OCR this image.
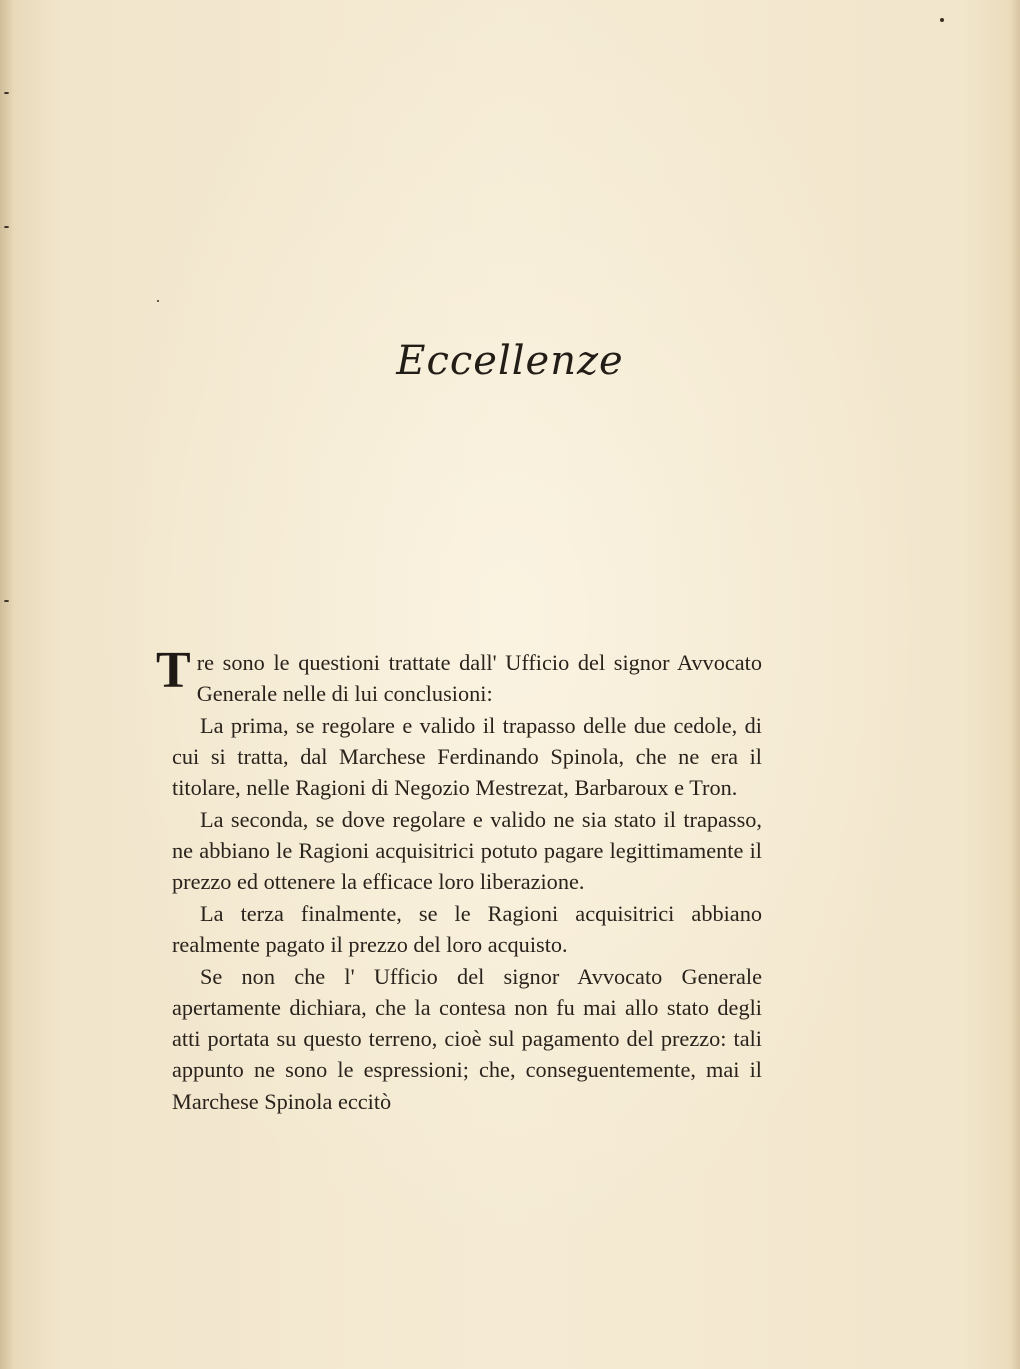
Eccellenze

T re sono le questioni trattate dall' Ufficio del signor Avvocato Generale nelle di lui conclusioni:

La prima, se regolare e valido il trapasso delle due cedole, di cui si tratta, dal Marchese Ferdinando Spinola, che ne era il titolare, nelle Ragioni di Negozio Mestrezat, Barbaroux e Tron.

La seconda, se dove regolare e valido ne sia stato il trapasso, ne abbiano le Ragioni acquisitrici potuto pagare legittimamente il prezzo ed ottenere la efficace loro liberazione.

La terza finalmente, se le Ragioni acquisitrici abbiano realmente pagato il prezzo del loro acquisto.

Se non che l' Ufficio del signor Avvocato Generale apertamente dichiara, che la contesa non fu mai allo stato degli atti portata su questo terreno, cioè sul pagamento del prezzo: tali appunto ne sono le espressioni; che, conseguentemente, mai il Marchese Spinola eccitò
